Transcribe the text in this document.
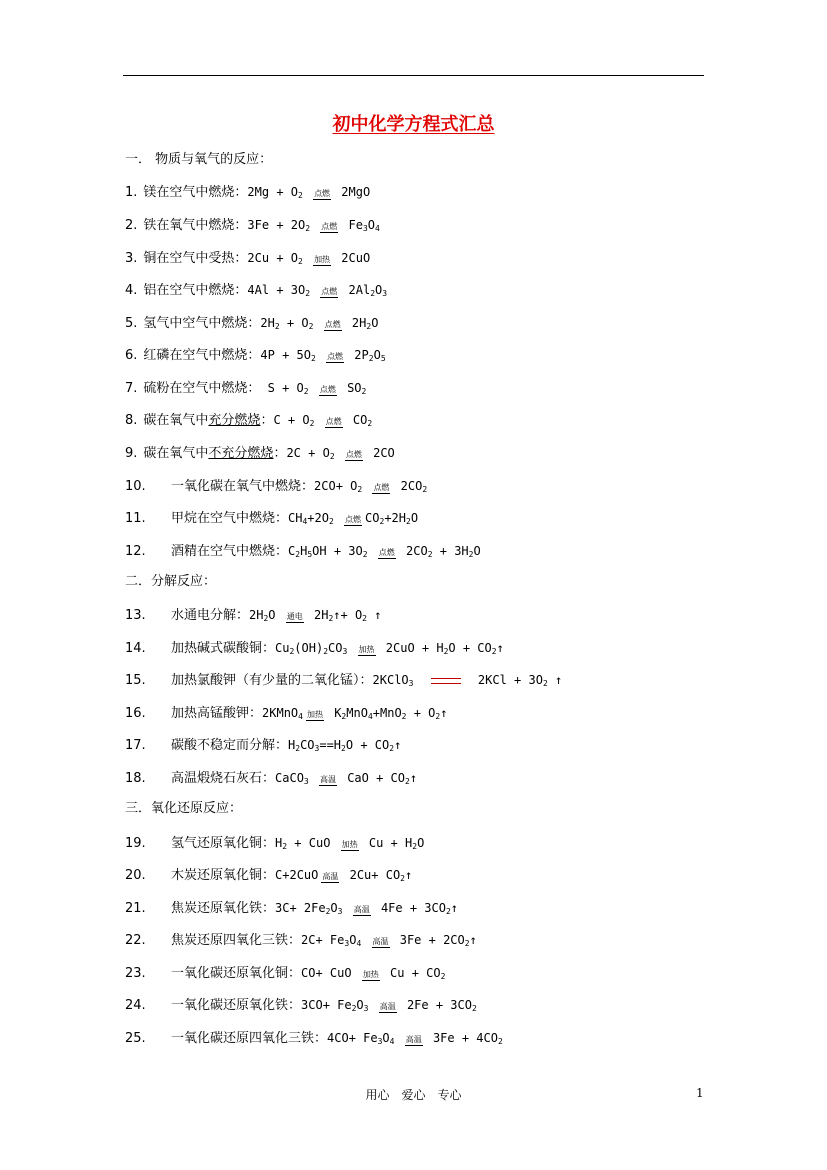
初中化学方程式汇总
一． 物质与氧气的反应：
二．分解反应：
三．氧化还原反应：
用心　爱心　专心	1
1. 镁在空气中燃烧：$2Mg + O_2$ 点燃 2MgO
2. 铁在氧气中燃烧：$3Fe + 2O_2$ 点燃 $Fe_3O_4$
3. 铜在空气中受热：$2Cu + O_2$ 加热 2CuO
4. 铝在空气中燃烧：$4Al + 3O_2$ 点燃 $2Al_2O_3$
5. 氢气中空气中燃烧：$2H_2 + O_2$ 点燃 $2H_2O$
6. 红磷在空气中燃烧：$4P + 5O_2$ 点燃 $2P_2O_5$
7. 硫粉在空气中燃烧： $S + O_2$ 点燃 $SO_2$
8. 碳在氧气中充分燃烧：$C + O_2$ 点燃 $CO_2$
9. 碳在氧气中不充分燃烧：$2C + O_2$ 点燃 2CO
10. 一氧化碳在氧气中燃烧：$2CO+ O_2$ 点燃 $2CO_2$
11. 甲烷在空气中燃烧：$CH_4+2O_2$ 点燃 $CO_2+2H_2O$
12. 酒精在空气中燃烧：$C_2H_5OH + 3O_2$ 点燃 $2CO_2 + 3H_2O$
13. 水通电分解：$2H_2O$ 通电 $2H_2↑+ O_2$ ↑
14. 加热碱式碳酸铜：$Cu_2(OH)_2CO_3$ 加热 $2CuO + H_2O$ + $CO_2↑$
15. 加热氯酸钾（有少量的二氧化锰）：2KClO$_3$	$2KCl + 3O_2$ ↑
16. 加热高锰酸钾：2KMnO$_4$ 加热 $K_2MnO_4+MnO_2$ + $O_2↑$
17. 碳酸不稳定而分解：$H_2CO_3==H_2O$ + $CO_2↑$
18. 高温煅烧石灰石：CaCO$_3$ 高温 CaO + $CO_2↑$
19. 氢气还原氧化铜：$H_2$ + CuO 加热 $Cu + H_2O$
20. 木炭还原氧化铜：C+2CuO 高温 $2Cu+ CO_2↑$
21. 焦炭还原氧化铁：$3C+ 2Fe_2O_3$ 高温 $4Fe + 3CO_2↑$
22. 焦炭还原四氧化三铁：$2C+ Fe_3O_4$ 高温 $3Fe + 2CO_2↑$
23. 一氧化碳还原氧化铜：CO+ CuO 加热 $Cu + CO_2$
24. 一氧化碳还原氧化铁：$3CO+ Fe_2O_3$ 高温 $2Fe + 3CO_2$
25. 一氧化碳还原四氧化三铁：$4CO+ Fe_3O_4$ 高温 $3Fe + 4CO_2$
